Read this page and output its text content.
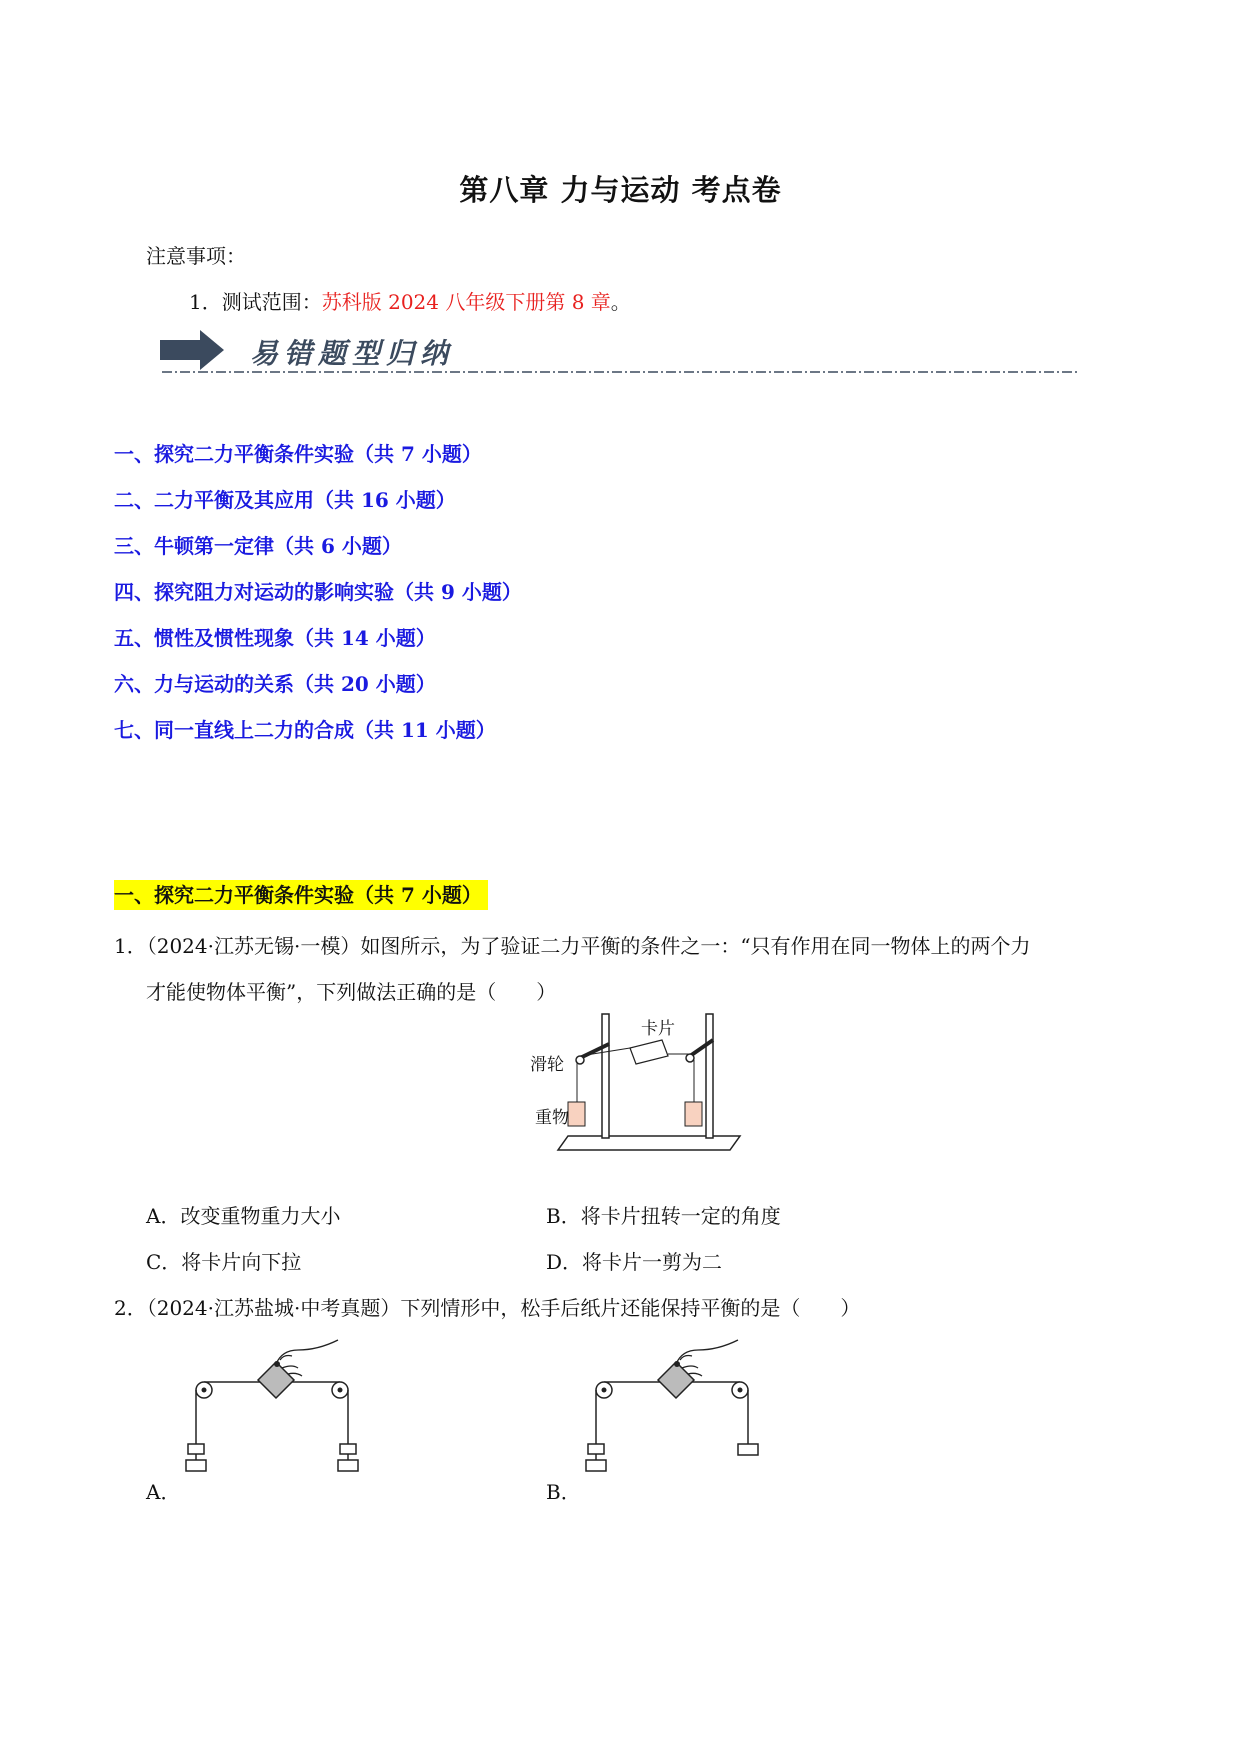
第八章 力与运动 考点卷
注意事项：
1．测试范围：苏科版 2024 八年级下册第 8 章。
易错题型归纳
一、探究二力平衡条件实验（共 7 小题）
二、二力平衡及其应用（共 16 小题）
三、牛顿第一定律（共 6 小题）
四、探究阻力对运动的影响实验（共 9 小题）
五、惯性及惯性现象（共 14 小题）
六、力与运动的关系（共 20 小题）
七、同一直线上二力的合成（共 11 小题）
一、探究二力平衡条件实验（共 7 小题）
1．（2024·江苏无锡·一模）如图所示，为了验证二力平衡的条件之一：“只有作用在同一物体上的两个力
才能使物体平衡”，下列做法正确的是（　　）
卡片
滑轮
重物
A．改变重物重力大小	B．将卡片扭转一定的角度
C．将卡片向下拉	D．将卡片一剪为二
2．（2024·江苏盐城·中考真题）下列情形中，松手后纸片还能保持平衡的是（　　）
A．	B．
